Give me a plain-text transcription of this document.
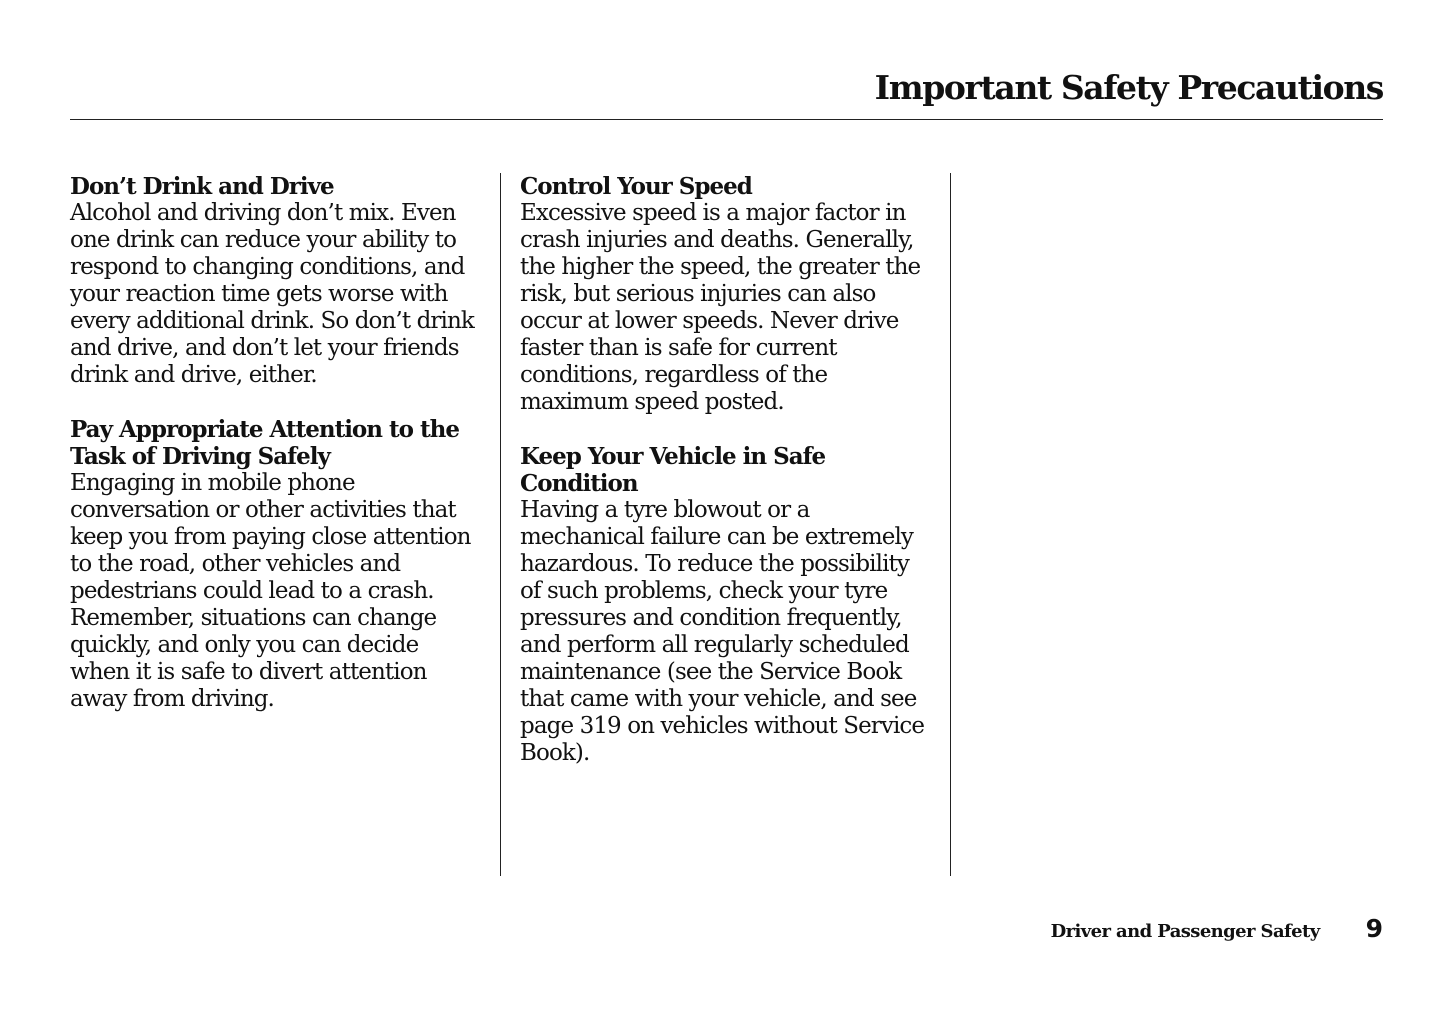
Important Safety Precautions
Don’t Drink and Drive
Alcohol and driving don’t mix. Even
one drink can reduce your ability to
respond to changing conditions, and
your reaction time gets worse with
every additional drink. So don’t drink
and drive, and don’t let your friends
drink and drive, either.
Pay Appropriate Attention to the
Task of Driving Safely
Engaging in mobile phone
conversation or other activities that
keep you from paying close attention
to the road, other vehicles and
pedestrians could lead to a crash.
Remember, situations can change
quickly, and only you can decide
when it is safe to divert attention
away from driving.
Control Your Speed
Excessive speed is a major factor in
crash injuries and deaths. Generally,
the higher the speed, the greater the
risk, but serious injuries can also
occur at lower speeds. Never drive
faster than is safe for current
conditions, regardless of the
maximum speed posted.
Keep Your Vehicle in Safe
Condition
Having a tyre blowout or a
mechanical failure can be extremely
hazardous. To reduce the possibility
of such problems, check your tyre
pressures and condition frequently,
and perform all regularly scheduled
maintenance (see the Service Book
that came with your vehicle, and see
page 319 on vehicles without Service
Book).
Driver and Passenger Safety 9
